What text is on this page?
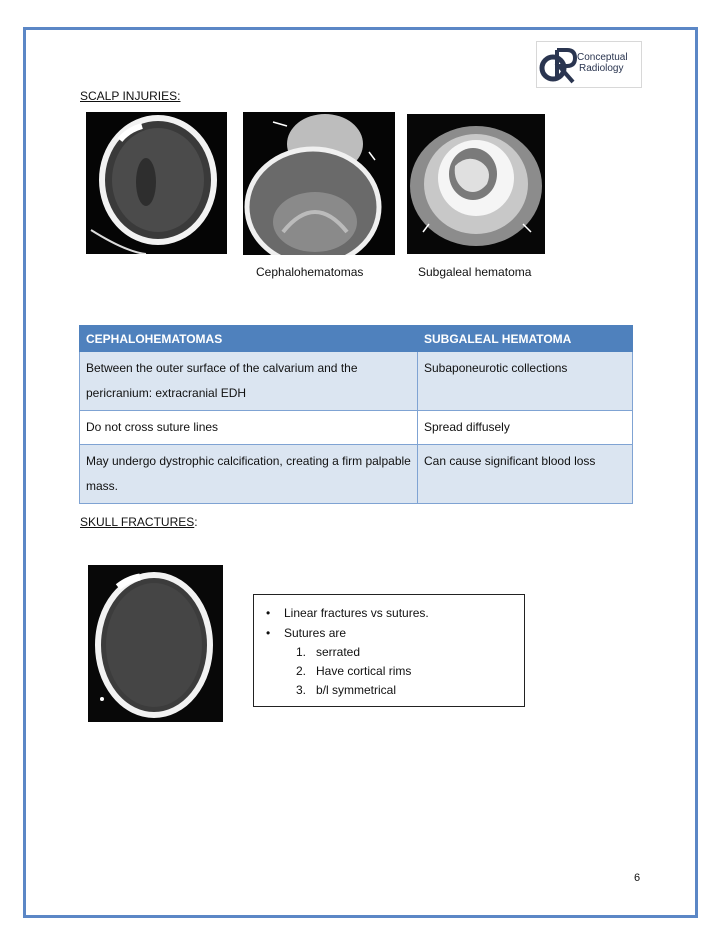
Conceptual
Radiology
SCALP INJURIES:
Cephalohematomas	Subgaleal hematoma
CEPHALOHEMATOMAS	SUBGALEAL HEMATOMA
Between the outer surface of the calvarium and the pericranium: extracranial EDH	Subaponeurotic collections
Do not cross suture lines	Spread diffusely
May undergo dystrophic calcification, creating a firm palpable mass.	Can cause significant blood loss
SKULL FRACTURES:
• Linear fractures vs sutures.
• Sutures are
1. serrated
2. Have cortical rims
3. b/l symmetrical
6
